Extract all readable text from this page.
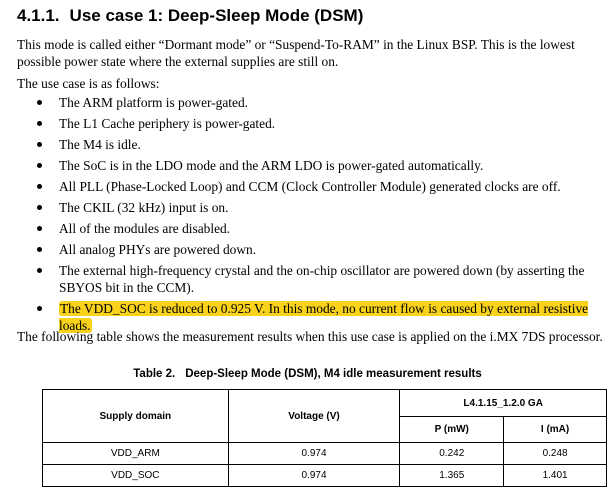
4.1.1. Use case 1: Deep-Sleep Mode (DSM)
This mode is called either “Dormant mode” or “Suspend-To-RAM” in the Linux BSP. This is the lowest possible power state where the external supplies are still on.
The use case is as follows:
The ARM platform is power-gated.
The L1 Cache periphery is power-gated.
The M4 is idle.
The SoC is in the LDO mode and the ARM LDO is power-gated automatically.
All PLL (Phase-Locked Loop) and CCM (Clock Controller Module) generated clocks are off.
The CKIL (32 kHz) input is on.
All of the modules are disabled.
All analog PHYs are powered down.
The external high-frequency crystal and the on-chip oscillator are powered down (by asserting the SBYOS bit in the CCM).
The VDD_SOC is reduced to 0.925 V. In this mode, no current flow is caused by external resistive loads.
The following table shows the measurement results when this use case is applied on the i.MX 7DS processor.
Table 2. Deep-Sleep Mode (DSM), M4 idle measurement results
Supply domain	Voltage (V)	L4.1.15_1.2.0 GA	
		P (mW)	I (mA)
VDD_ARM	0.974	0.242	0.248
VDD_SOC	0.974	1.365	1.401
